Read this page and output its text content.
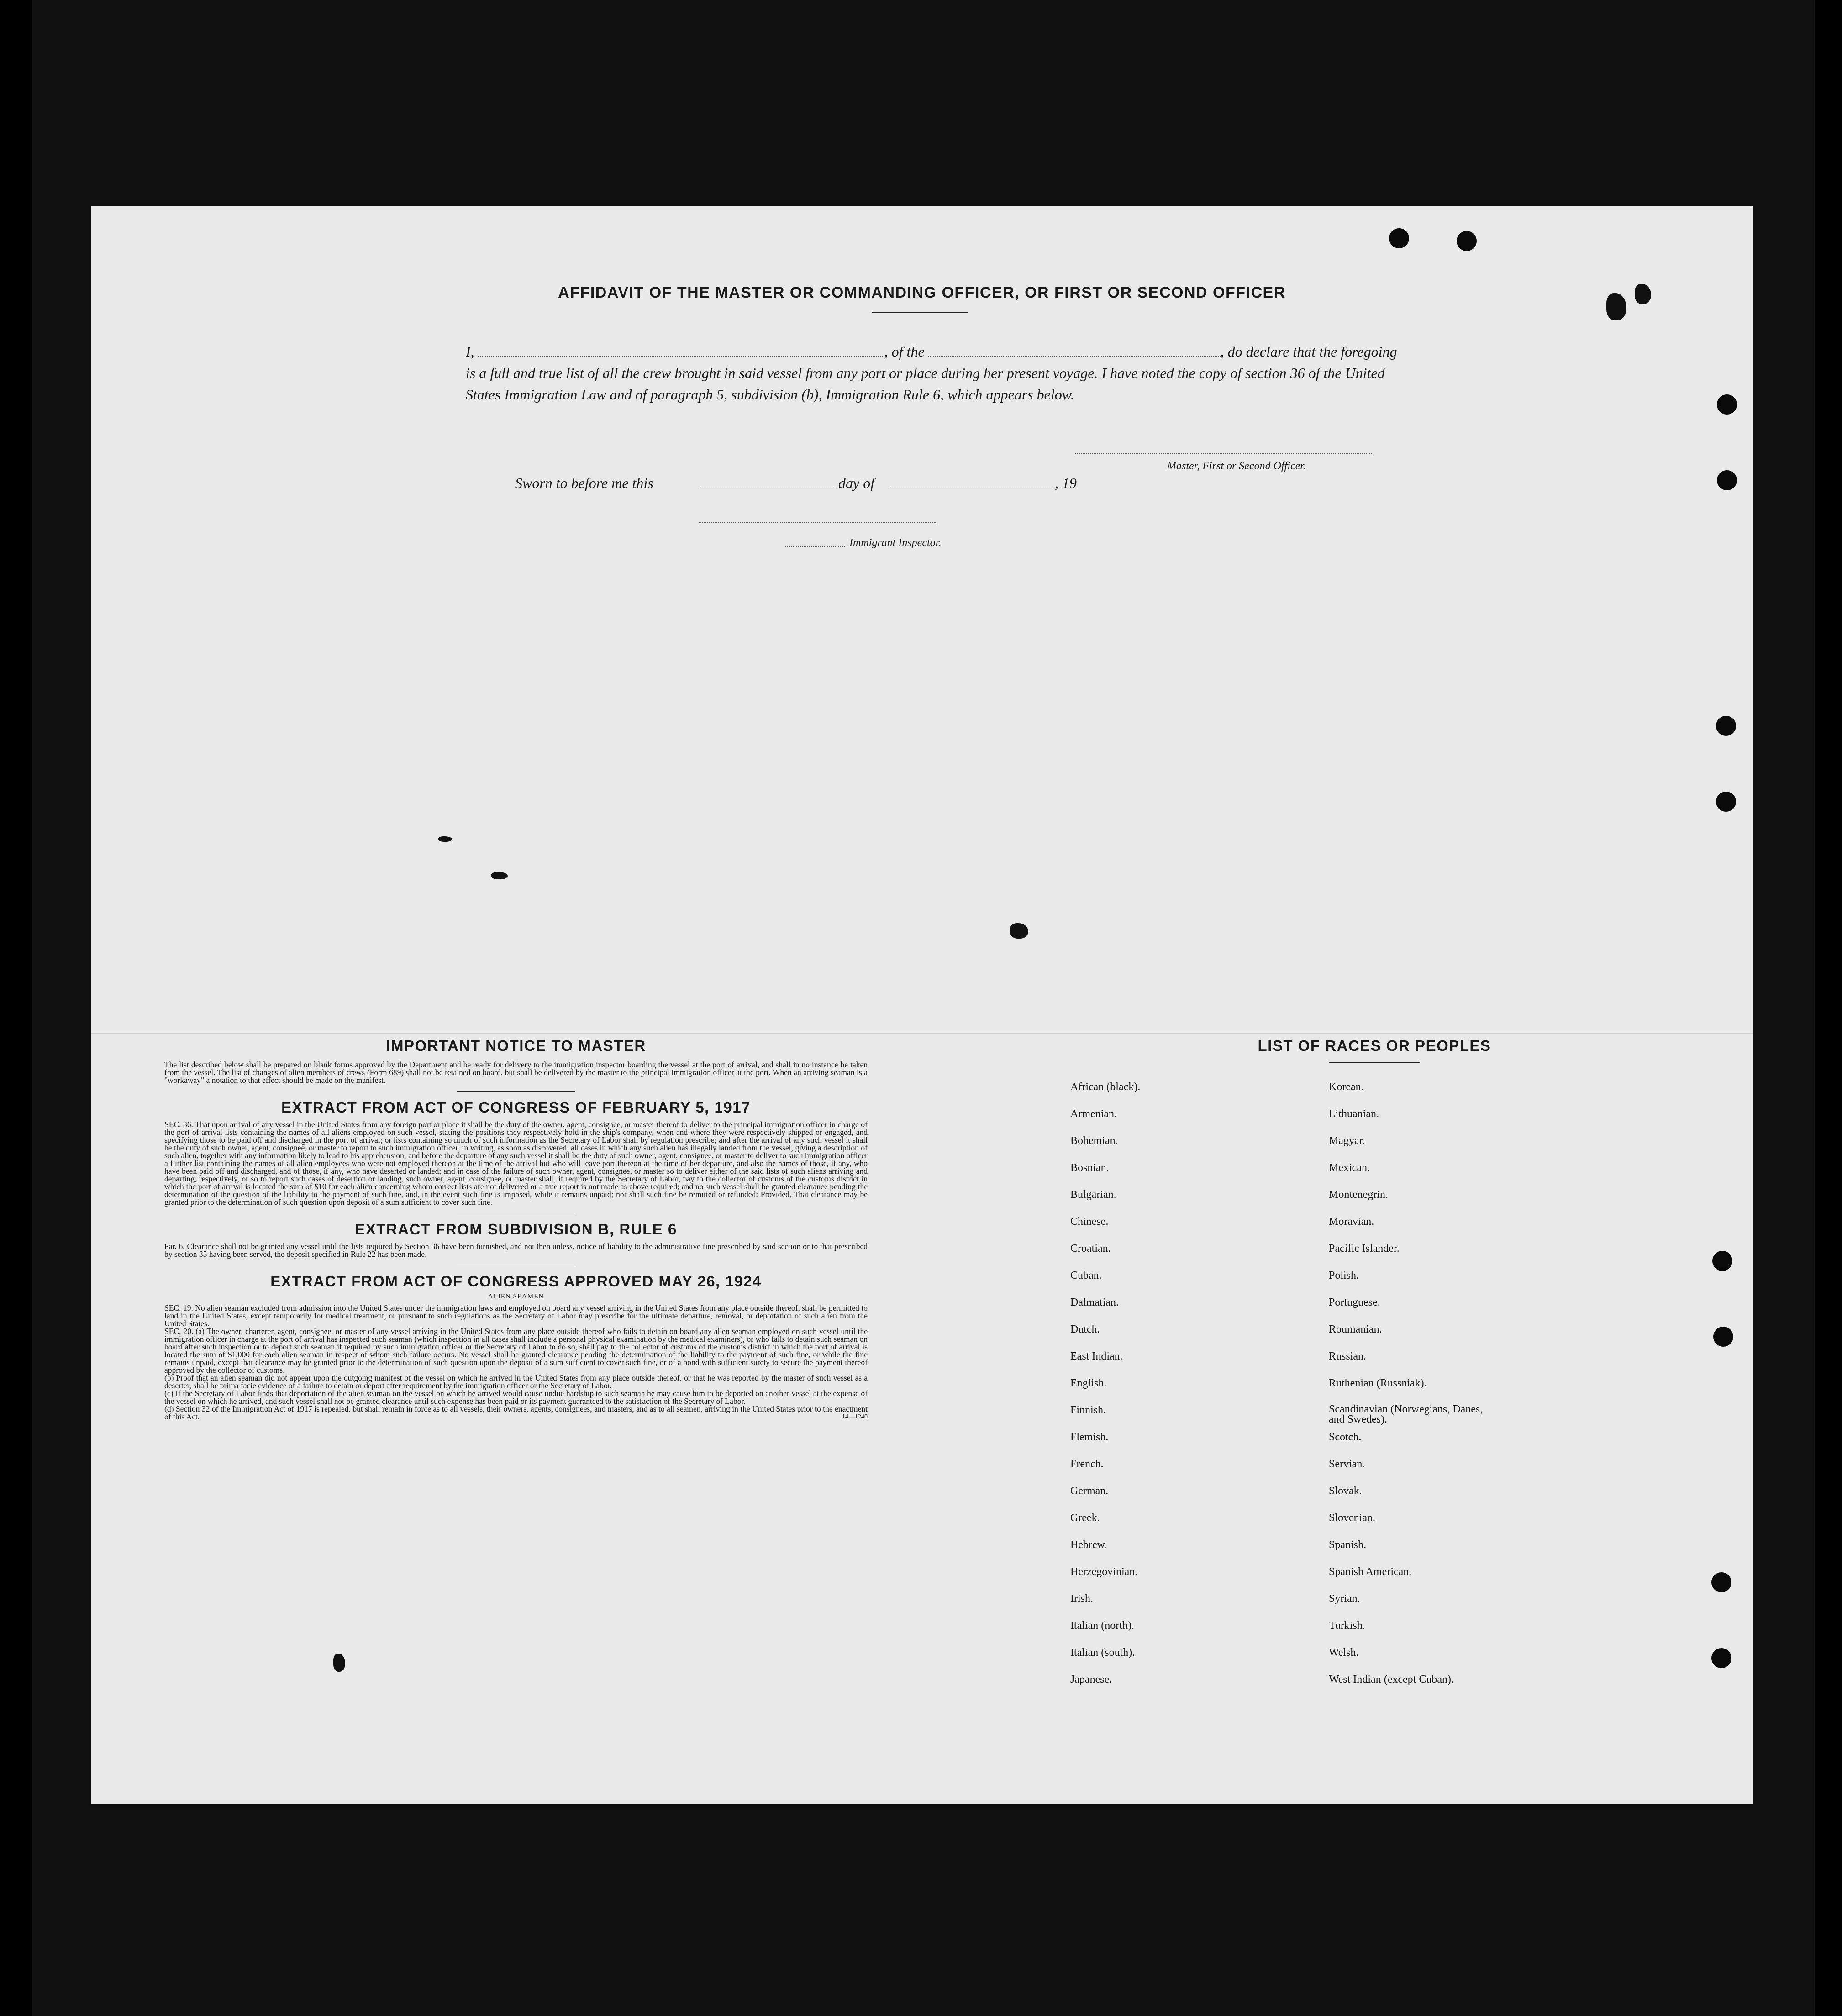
AFFIDAVIT OF THE MASTER OR COMMANDING OFFICER, OR FIRST OR SECOND OFFICER
I,	, of the	, do declare that the foregoing is a full and true list of all the crew brought in said vessel from any port or place during her present voyage. I have noted the copy of section 36 of the United States Immigration Law and of paragraph 5, subdivision (b), Immigration Rule 6, which appears below.
Master, First or Second Officer.
Sworn to before me this	day of	, 19
Immigrant Inspector.
IMPORTANT NOTICE TO MASTER

The list described below shall be prepared on blank forms approved by the Department and be ready for delivery to the immigration inspector boarding the vessel at the port of arrival, and shall in no instance be taken from the vessel. The list of changes of alien members of crews (Form 689) shall not be retained on board, but shall be delivered by the master to the principal immigration officer at the port. When an arriving seaman is a "workaway" a notation to that effect should be made on the manifest.

EXTRACT FROM ACT OF CONGRESS OF FEBRUARY 5, 1917

SEC. 36. That upon arrival of any vessel in the United States from any foreign port or place it shall be the duty of the owner, agent, consignee, or master thereof to deliver to the principal immigration officer in charge of the port of arrival lists containing the names of all aliens employed on such vessel, stating the positions they respectively hold in the ship's company, when and where they were respectively shipped or engaged, and specifying those to be paid off and discharged in the port of arrival; or lists containing so much of such information as the Secretary of Labor shall by regulation prescribe; and after the arrival of any such vessel it shall be the duty of such owner, agent, consignee, or master to report to such immigration officer, in writing, as soon as discovered, all cases in which any such alien has illegally landed from the vessel, giving a description of such alien, together with any information likely to lead to his apprehension; and before the departure of any such vessel it shall be the duty of such owner, agent, consignee, or master to deliver to such immigration officer a further list containing the names of all alien employees who were not employed thereon at the time of the arrival but who will leave port thereon at the time of her departure, and also the names of those, if any, who have been paid off and discharged, and of those, if any, who have deserted or landed; and in case of the failure of such owner, agent, consignee, or master so to deliver either of the said lists of such aliens arriving and departing, respectively, or so to report such cases of desertion or landing, such owner, agent, consignee, or master shall, if required by the Secretary of Labor, pay to the collector of customs of the customs district in which the port of arrival is located the sum of $10 for each alien concerning whom correct lists are not delivered or a true report is not made as above required; and no such vessel shall be granted clearance pending the determination of the question of the liability to the payment of such fine, and, in the event such fine is imposed, while it remains unpaid; nor shall such fine be remitted or refunded: Provided, That clearance may be granted prior to the determination of such question upon deposit of a sum sufficient to cover such fine.

EXTRACT FROM SUBDIVISION B, RULE 6

Par. 6. Clearance shall not be granted any vessel until the lists required by Section 36 have been furnished, and not then unless, notice of liability to the administrative fine prescribed by said section or to that prescribed by section 35 having been served, the deposit specified in Rule 22 has been made.

EXTRACT FROM ACT OF CONGRESS APPROVED MAY 26, 1924
ALIEN SEAMEN

SEC. 19. No alien seaman excluded from admission into the United States under the immigration laws and employed on board any vessel arriving in the United States from any place outside thereof, shall be permitted to land in the United States, except temporarily for medical treatment, or pursuant to such regulations as the Secretary of Labor may prescribe for the ultimate departure, removal, or deportation of such alien from the United States.

SEC. 20. (a) The owner, charterer, agent, consignee, or master of any vessel arriving in the United States from any place outside thereof who fails to detain on board any alien seaman employed on such vessel until the immigration officer in charge at the port of arrival has inspected such seaman (which inspection in all cases shall include a personal physical examination by the medical examiners), or who fails to detain such seaman on board after such inspection or to deport such seaman if required by such immigration officer or the Secretary of Labor to do so, shall pay to the collector of customs of the customs district in which the port of arrival is located the sum of $1,000 for each alien seaman in respect of whom such failure occurs. No vessel shall be granted clearance pending the determination of the liability to the payment of such fine, or while the fine remains unpaid, except that clearance may be granted prior to the determination of such question upon the deposit of a sum sufficient to cover such fine, or of a bond with sufficient surety to secure the payment thereof approved by the collector of customs.

(b) Proof that an alien seaman did not appear upon the outgoing manifest of the vessel on which he arrived in the United States from any place outside thereof, or that he was reported by the master of such vessel as a deserter, shall be prima facie evidence of a failure to detain or deport after requirement by the immigration officer or the Secretary of Labor.

(c) If the Secretary of Labor finds that deportation of the alien seaman on the vessel on which he arrived would cause undue hardship to such seaman he may cause him to be deported on another vessel at the expense of the vessel on which he arrived, and such vessel shall not be granted clearance until such expense has been paid or its payment guaranteed to the satisfaction of the Secretary of Labor.

(d) Section 32 of the Immigration Act of 1917 is repealed, but shall remain in force as to all vessels, their owners, agents, consignees, and masters, and as to all seamen, arriving in the United States prior to the enactment of this Act.	14—1240

LIST OF RACES OR PEOPLES
African (black).
Armenian.
Bohemian.
Bosnian.
Bulgarian.
Chinese.
Croatian.
Cuban.
Dalmatian.
Dutch.
East Indian.
English.
Finnish.
Flemish.
French.
German.
Greek.
Hebrew.
Herzegovinian.
Irish.
Italian (north).
Italian (south).
Japanese.
Korean.
Lithuanian.
Magyar.
Mexican.
Montenegrin.
Moravian.
Pacific Islander.
Polish.
Portuguese.
Roumanian.
Russian.
Ruthenian (Russniak).
Scandinavian (Norwegians, Danes, and Swedes).
Scotch.
Servian.
Slovak.
Slovenian.
Spanish.
Spanish American.
Syrian.
Turkish.
Welsh.
West Indian (except Cuban).
